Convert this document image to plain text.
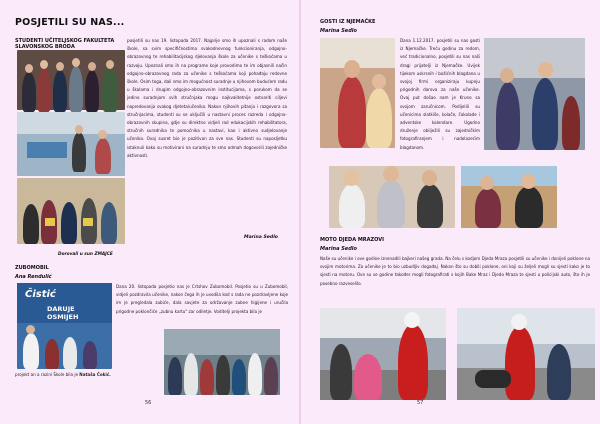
POSJETILI SU NAS...
STUDENTI UČITELJSKOG FAKULTETA SLAVONSKOG BRODA
posjetili su nas 19. listopada 2017. Najprije smo ih upoznali s radom naše škole, sa svim specifičnostima svakodnevnog funkcioniranja, odgojno-obrazovnog te rehabilitacijskog djelovanja škole za učenike s teškoćama u razvoju. Upoznali smo ih na programe koje provodimo te im objasnili način odgojno-obrazovnog rada za učenike s teškoćama koji pohađaju redovne škole. Osim toga, dali smo im mogućnost suradnje u njihovom budućem radu u školama i drugim odgojno-obrazovnim institucijama, s porukom da se jedino suradnjom svih stručnjaka mogu najkvalitetnije ostvariti ciljevi napredovanja svakog djeteta/učenika. Nakon njihovih pitanja i razgovora sa stručnjacima, studenti su se uključili u nastavni proces razreda i odgojno-obrazovnih skupina, gdje su direktno vidjeli rad edukacijskih rehabilitatora, stručnih suradnika te pomoćnika u nastavi, kao i aktivno sudjelovanje učenika. Ovaj susret bio je pozitivan za sve nas. Studenti su naposljetku istaknuli kako su motivirani na suradnju te smo odmah dogovorili zajedničke aktivnosti.
Marina Sedlo
Dorovali u sun ZMAJCE
ZUBOMOBIL
Ana Rendulić
Čistić
DARUJE OSMIJEH
Dana 20. listopada posjetio nas je Crtshov Zubomobil. Posjetio su u Zubomobil, vidjeli pozdravila učenike, nakon čega ih je uvodila kod s rada ne pozdravljene koje im je pregledala zubiće, dala savjete za održavanje zubne higijene i uručila prigodne poklončiće „zubnu kartu" zar odiletje. Voditelji projekta bila je
projekt an a razini Škole bila je Nataša Čokić.
56
GOSTI IZ NJEMAČKE
Marina Sedlo
Dana 1.12.2017. posjetili su nas gosti iz Njemačke. Treću godinu za redom, već tradicionalno, posjetili su nas naši dragi prijatelji iz Njemačke. Uvijek tijekom uskrsnih i božićnih blagdana u svojoj firmi organiziraju kupnju prigodnih darova za naše učenike. Ovaj put došao nam je Kruno sa svojom zaručnicom. Podijelili su učenicima slatkiše, kolače, čokolade i adventske kalendare. Ugodno druženje obilježili su zajedničkim fotografiranjem i nadolazećim blagdanom.
MOTO DJEDA MRAZOVI
Marina Sedlo
Naše su učenike i ove godine iznenadili bajkeri našeg grada. Na čelu s kodjom Djeda Mraza posjetili su učenike i donijeli poklone na svojim motorima. Za učenike je to bio uzbudljiv događaj. Nakon što su dobili poklone, oni koji su željeli mogli su sjesti kako je to sjesti na motoru. Ove su se godine također mogli fotografirati s kojih Bake Mraz i Djeda Mraza te sjesti u policijski auto, što ih je posebno razveselilo.
57
